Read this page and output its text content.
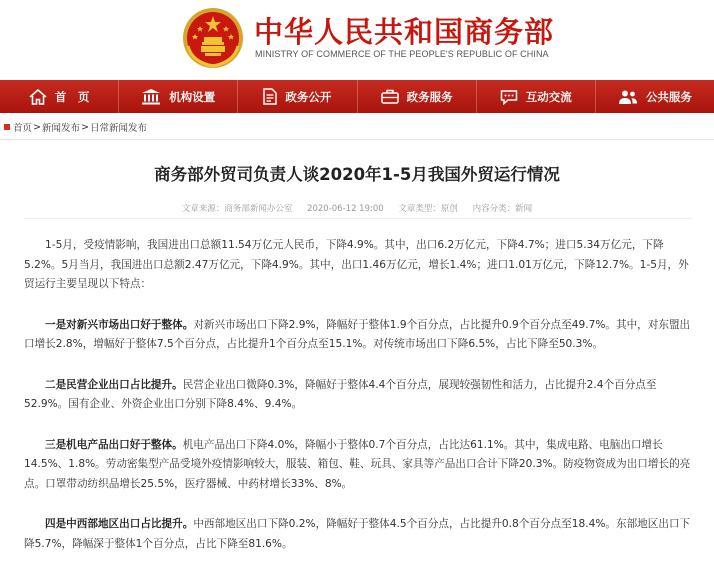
中华人民共和国商务部
MINISTRY OF COMMERCE OF THE PEOPLE'S REPUBLIC OF CHINA
首　页	机构设置	政务公开	政务服务	互动交流	公共服务
首页 > 新闻发布 > 日常新闻发布
商务部外贸司负责人谈2020年1-5月我国外贸运行情况
文章来源：商务部新闻办公室 2020-06-12 19:00 文章类型：原创 内容分类：新闻

1-5月，受疫情影响，我国进出口总额11.54万亿元人民币，下降4.9%。其中，出口6.2万亿元，下降4.7%；进口5.34万亿元，下降5.2%。5月当月，我国进出口总额2.47万亿元，下降4.9%。其中，出口1.46万亿元，增长1.4%；进口1.01万亿元，下降12.7%。1-5月，外贸运行主要呈现以下特点：

一是对新兴市场出口好于整体。对新兴市场出口下降2.9%，降幅好于整体1.9个百分点，占比提升0.9个百分点至49.7%。其中，对东盟出口增长2.8%，增幅好于整体7.5个百分点，占比提升1个百分点至15.1%。对传统市场出口下降6.5%，占比下降至50.3%。

二是民营企业出口占比提升。民营企业出口微降0.3%，降幅好于整体4.4个百分点，展现较强韧性和活力，占比提升2.4个百分点至52.9%。国有企业、外资企业出口分别下降8.4%、9.4%。

三是机电产品出口好于整体。机电产品出口下降4.0%，降幅小于整体0.7个百分点，占比达61.1%。其中，集成电路、电脑出口增长14.5%、1.8%。劳动密集型产品受境外疫情影响较大，服装、箱包、鞋、玩具、家具等产品出口合计下降20.3%。防疫物资成为出口增长的亮点。口罩带动纺织品增长25.5%，医疗器械、中药材增长33%、8%。

四是中西部地区出口占比提升。中西部地区出口下降0.2%，降幅好于整体4.5个百分点，占比提升0.8个百分点至18.4%。东部地区出口下降5.7%，降幅深于整体1个百分点，占比下降至81.6%。
